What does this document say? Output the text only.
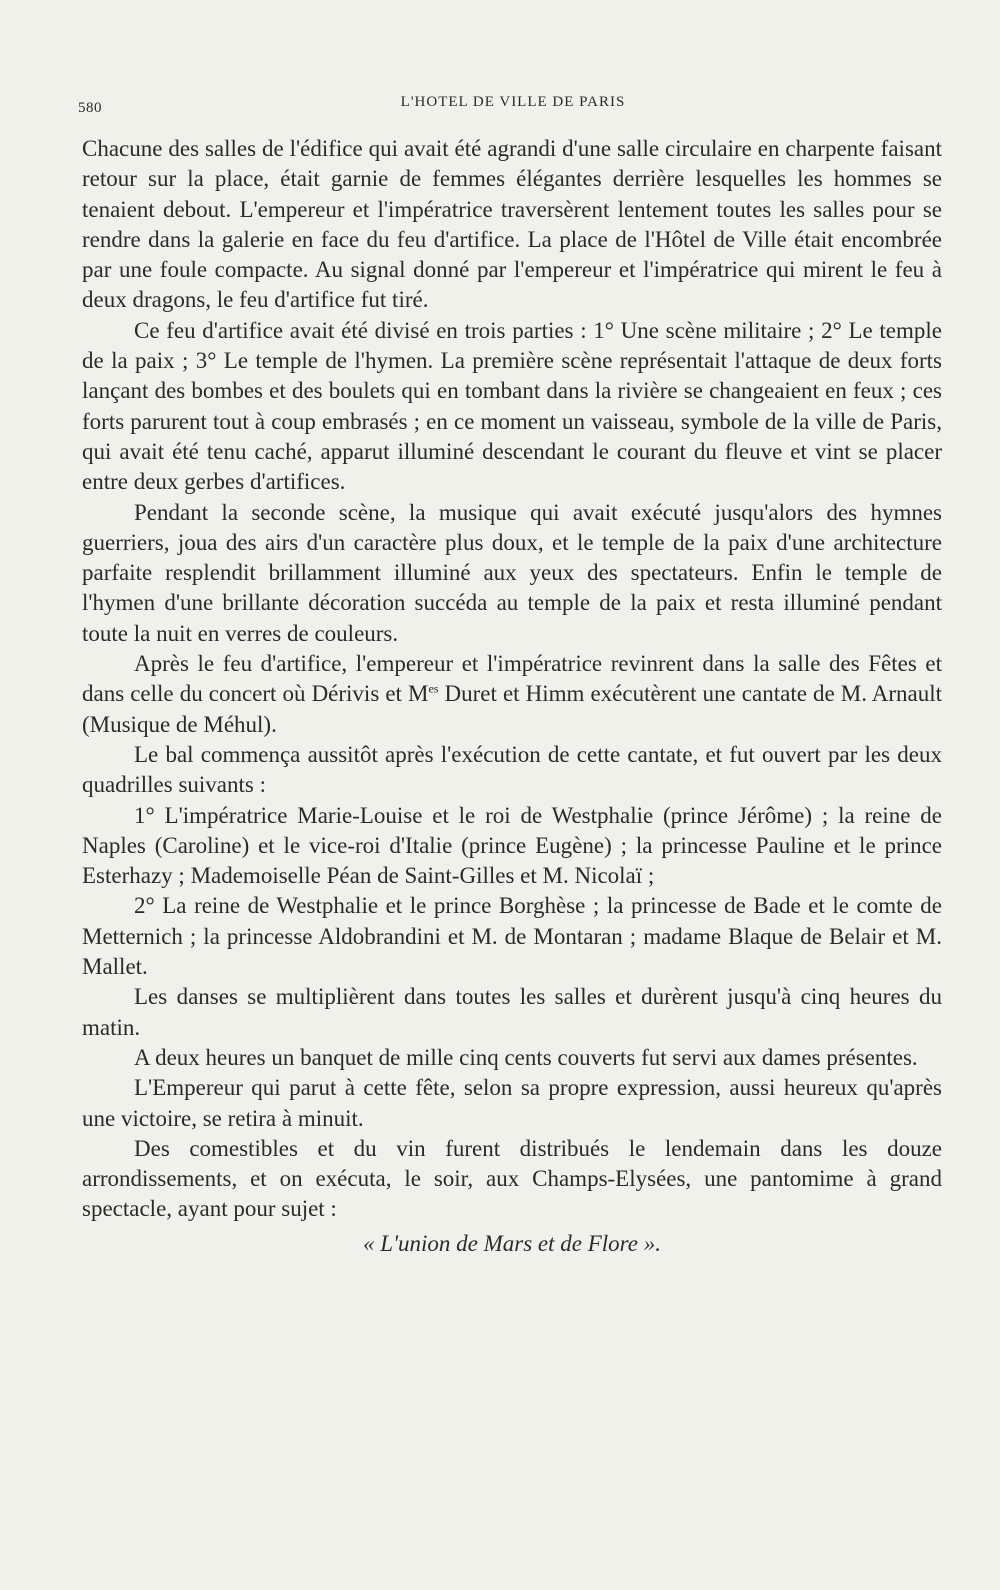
580	L'HOTEL DE VILLE DE PARIS

Chacune des salles de l'édifice qui avait été agrandi d'une salle circulaire en charpente faisant retour sur la place, était garnie de femmes élégantes derrière lesquelles les hommes se tenaient debout. L'empereur et l'impératrice traversèrent lentement toutes les salles pour se rendre dans la galerie en face du feu d'artifice. La place de l'Hôtel de Ville était encombrée par une foule compacte. Au signal donné par l'empereur et l'impératrice qui mirent le feu à deux dragons, le feu d'artifice fut tiré.

Ce feu d'artifice avait été divisé en trois parties : 1° Une scène militaire ; 2° Le temple de la paix ; 3° Le temple de l'hymen. La première scène représentait l'attaque de deux forts lançant des bombes et des boulets qui en tombant dans la rivière se changeaient en feux ; ces forts parurent tout à coup embrasés ; en ce moment un vaisseau, symbole de la ville de Paris, qui avait été tenu caché, apparut illuminé descendant le courant du fleuve et vint se placer entre deux gerbes d'artifices.

Pendant la seconde scène, la musique qui avait exécuté jusqu'alors des hymnes guerriers, joua des airs d'un caractère plus doux, et le temple de la paix d'une architecture parfaite resplendit brillamment illuminé aux yeux des spectateurs. Enfin le temple de l'hymen d'une brillante décoration succéda au temple de la paix et resta illuminé pendant toute la nuit en verres de couleurs.

Après le feu d'artifice, l'empereur et l'impératrice revinrent dans la salle des Fêtes et dans celle du concert où Dérivis et $M^{es}$ Duret et Himm exécutèrent une cantate de M. Arnault (Musique de Méhul).

Le bal commença aussitôt après l'exécution de cette cantate, et fut ouvert par les deux quadrilles suivants :

1° L'impératrice Marie-Louise et le roi de Westphalie (prince Jérôme) ; la reine de Naples (Caroline) et le vice-roi d'Italie (prince Eugène) ; la princesse Pauline et le prince Esterhazy ; Mademoiselle Péan de Saint-Gilles et M. Nicolaï ;

2° La reine de Westphalie et le prince Borghèse ; la princesse de Bade et le comte de Metternich ; la princesse Aldobrandini et M. de Montaran ; madame Blaque de Belair et M. Mallet.

Les danses se multiplièrent dans toutes les salles et durèrent jusqu'à cinq heures du matin.

A deux heures un banquet de mille cinq cents couverts fut servi aux dames présentes.

L'Empereur qui parut à cette fête, selon sa propre expression, aussi heureux qu'après une victoire, se retira à minuit.

Des comestibles et du vin furent distribués le lendemain dans les douze arrondissements, et on exécuta, le soir, aux Champs-Elysées, une pantomime à grand spectacle, ayant pour sujet :

« L'union de Mars et de Flore ».
